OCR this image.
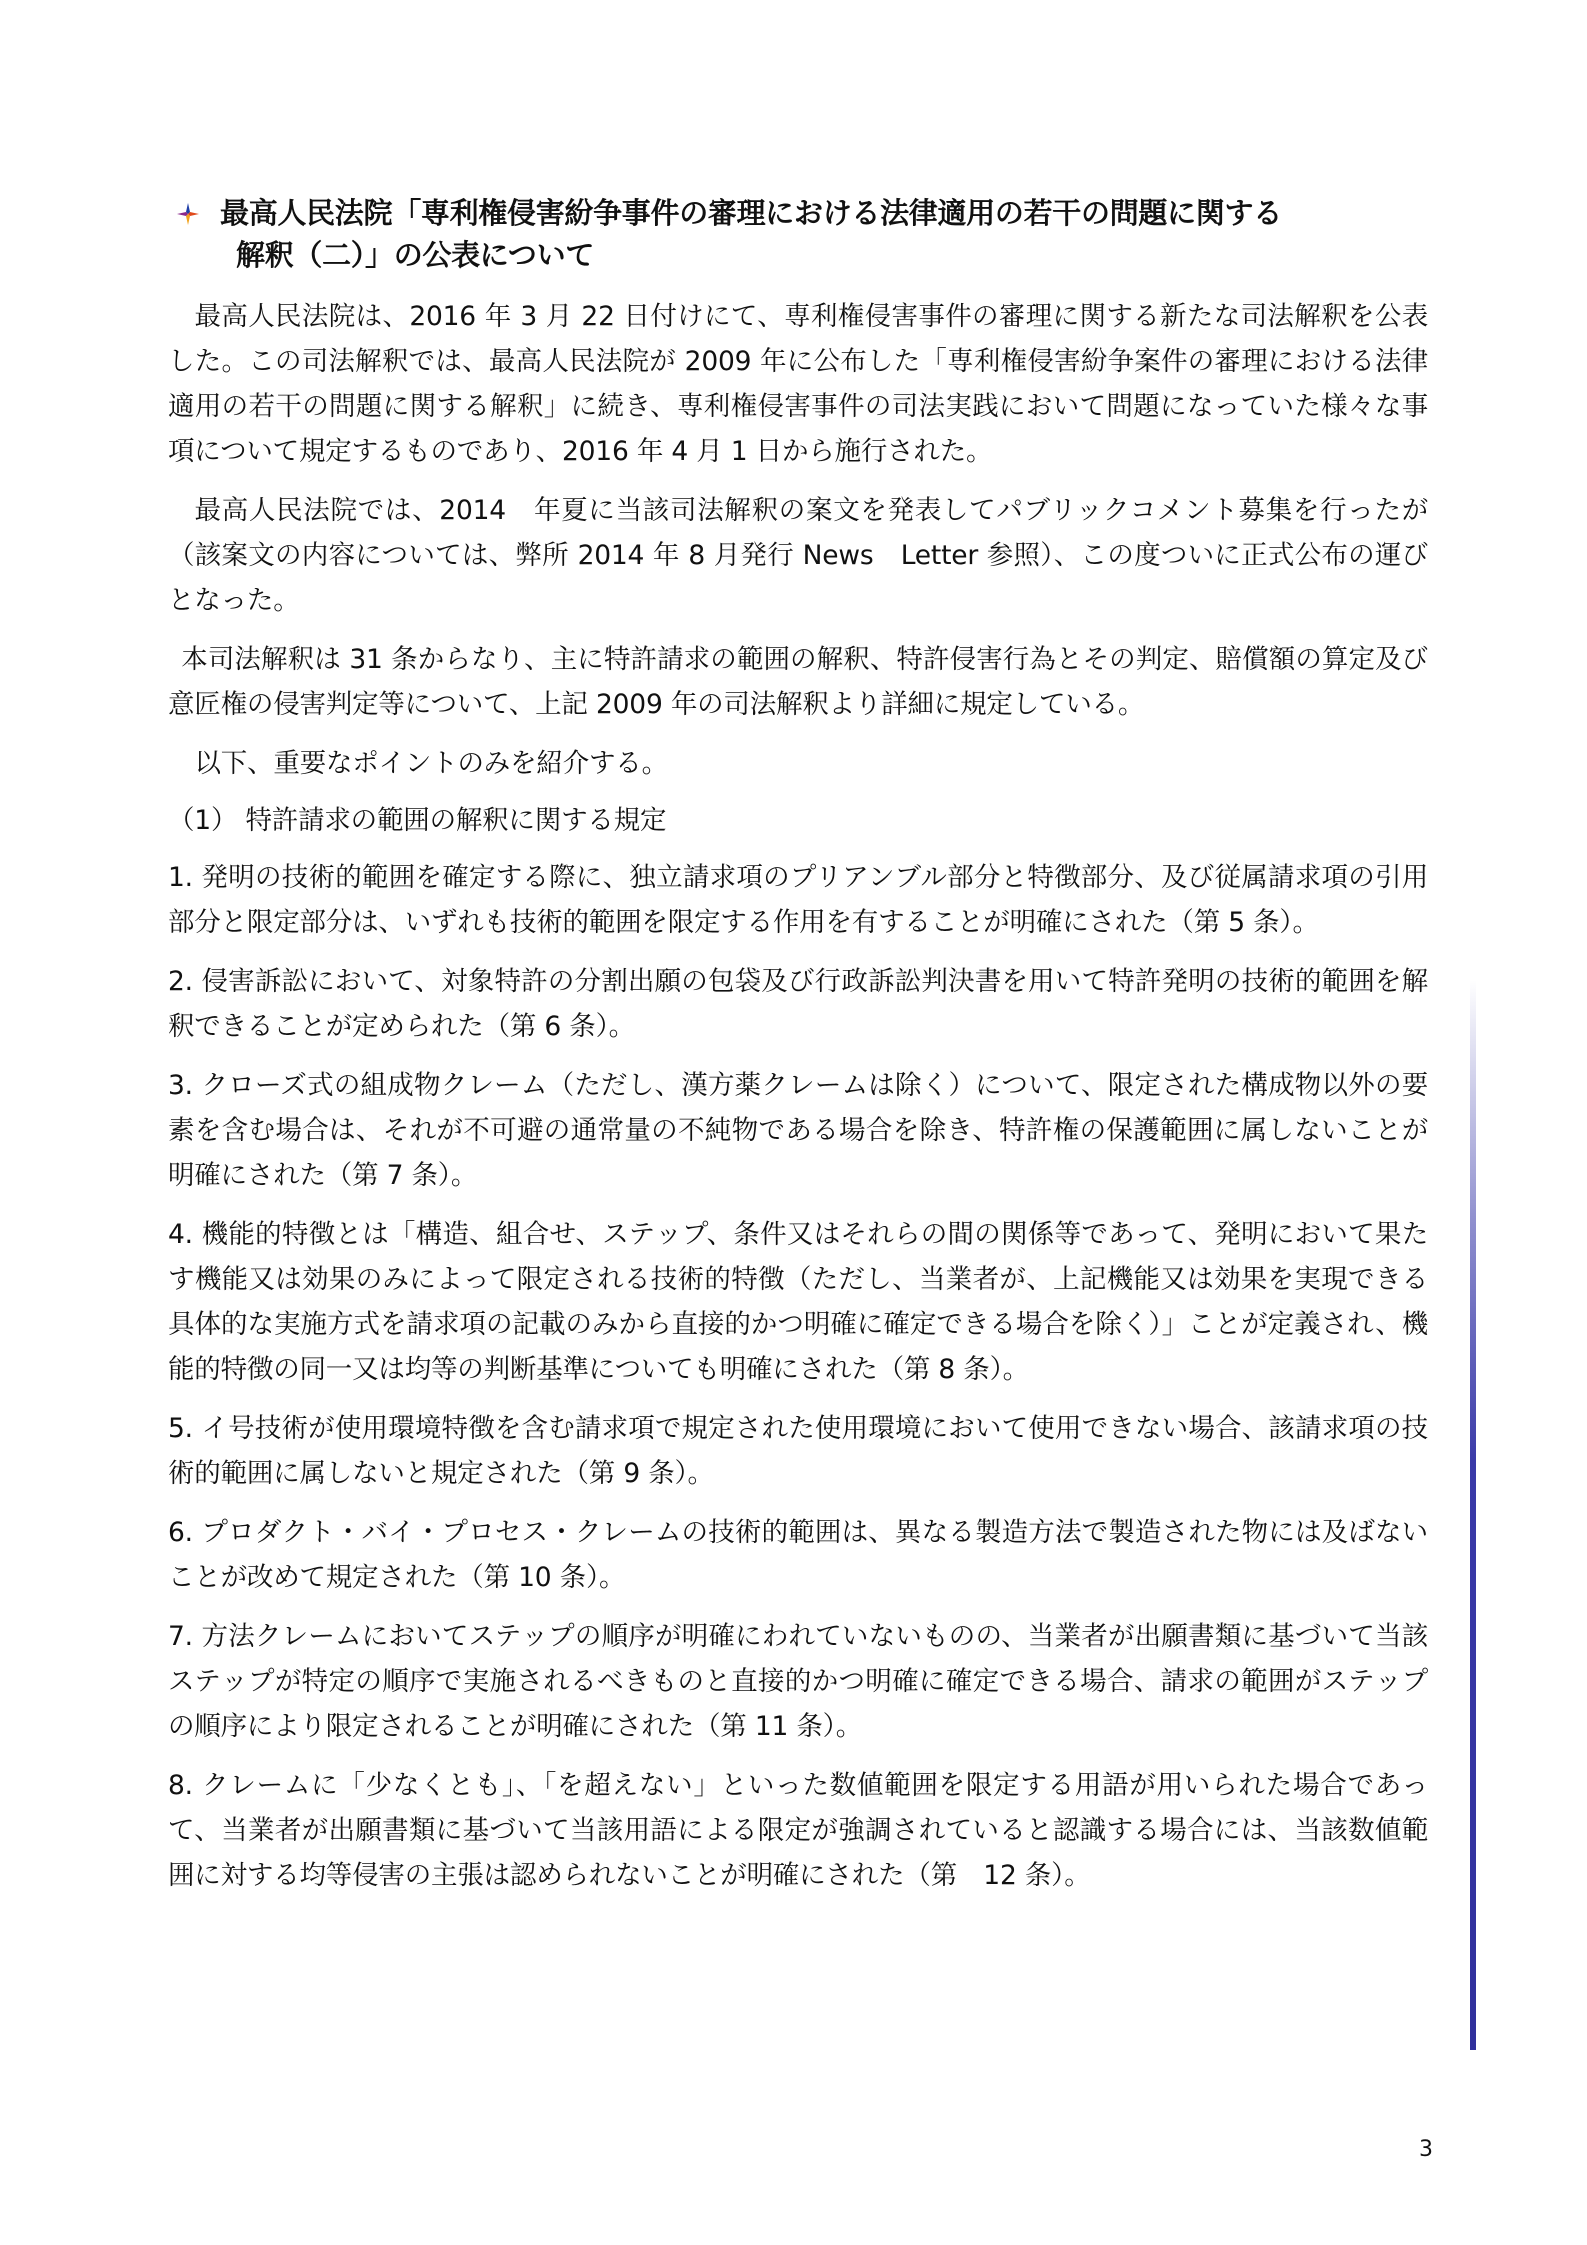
最高人民法院「専利権侵害紛争事件の審理における法律適用の若干の問題に関する
解釈（二）」の公表について

最高人民法院は、2016 年 3 月 22 日付けにて、専利権侵害事件の審理に関する新たな司法解釈を公表した。この司法解釈では、最高人民法院が 2009 年に公布した「専利権侵害紛争案件の審理における法律適用の若干の問題に関する解釈」に続き、専利権侵害事件の司法実践において問題になっていた様々な事項について規定するものであり、2016 年 4 月 1 日から施行された。

最高人民法院では、2014　年夏に当該司法解釈の案文を発表してパブリックコメント募集を行ったが（該案文の内容については、弊所 2014 年 8 月発行 News　Letter 参照）、この度ついに正式公布の運びとなった。

本司法解釈は 31 条からなり、主に特許請求の範囲の解釈、特許侵害行為とその判定、賠償額の算定及び意匠権の侵害判定等について、上記 2009 年の司法解釈より詳細に規定している。

以下、重要なポイントのみを紹介する。

（1） 特許請求の範囲の解釈に関する規定

1. 発明の技術的範囲を確定する際に、独立請求項のプリアンブル部分と特徴部分、及び従属請求項の引用部分と限定部分は、いずれも技術的範囲を限定する作用を有することが明確にされた（第 5 条）。

2. 侵害訴訟において、対象特許の分割出願の包袋及び行政訴訟判決書を用いて特許発明の技術的範囲を解釈できることが定められた（第 6 条）。

3. クローズ式の組成物クレーム（ただし、漢方薬クレームは除く）について、限定された構成物以外の要素を含む場合は、それが不可避の通常量の不純物である場合を除き、特許権の保護範囲に属しないことが明確にされた（第 7 条）。

4. 機能的特徴とは「構造、組合せ、ステップ、条件又はそれらの間の関係等であって、発明において果たす機能又は効果のみによって限定される技術的特徴（ただし、当業者が、上記機能又は効果を実現できる具体的な実施方式を請求項の記載のみから直接的かつ明確に確定できる場合を除く）」ことが定義され、機能的特徴の同一又は均等の判断基準についても明確にされた（第 8 条）。

5. イ号技術が使用環境特徴を含む請求項で規定された使用環境において使用できない場合、該請求項の技術的範囲に属しないと規定された（第 9 条）。

6. プロダクト・バイ・プロセス・クレームの技術的範囲は、異なる製造方法で製造された物には及ばないことが改めて規定された（第 10 条）。

7. 方法クレームにおいてステップの順序が明確にわれていないものの、当業者が出願書類に基づいて当該ステップが特定の順序で実施されるべきものと直接的かつ明確に確定できる場合、請求の範囲がステップの順序により限定されることが明確にされた（第 11 条）。

8. クレームに「少なくとも」、「を超えない」といった数値範囲を限定する用語が用いられた場合であって、当業者が出願書類に基づいて当該用語による限定が強調されていると認識する場合には、当該数値範囲に対する均等侵害の主張は認められないことが明確にされた（第　12 条）。

3
